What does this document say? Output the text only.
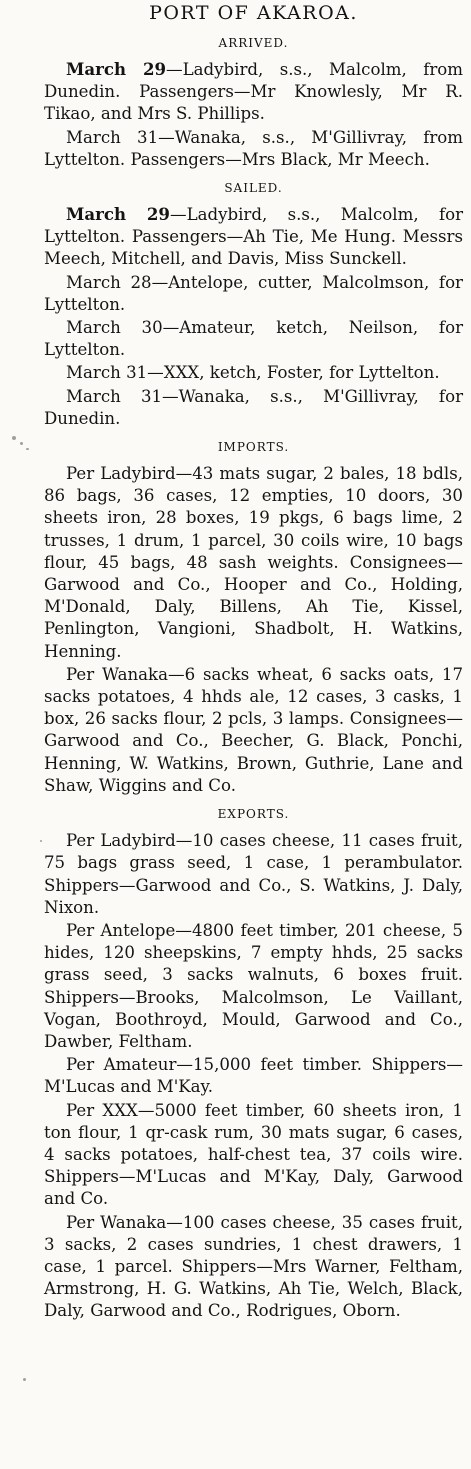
PORT OF AKAROA.
ARRIVED.

March 29—Ladybird, s.s., Malcolm, from Dunedin. Passengers—Mr Knowlesly, Mr R. Tikao, and Mrs S. Phillips.

March 31—Wanaka, s.s., M'Gillivray, from Lyttelton. Passengers—Mrs Black, Mr Meech.

SAILED.

March 29—Ladybird, s.s., Malcolm, for Lyttelton. Passengers—Ah Tie, Me Hung. Messrs Meech, Mitchell, and Davis, Miss Sunckell.

March 28—Antelope, cutter, Malcolmson, for Lyttelton.

March 30—Amateur, ketch, Neilson, for Lyttelton.

March 31—XXX, ketch, Foster, for Lyttelton.

March 31—Wanaka, s.s., M'Gillivray, for Dunedin.

IMPORTS.

Per Ladybird—43 mats sugar, 2 bales, 18 bdls, 86 bags, 36 cases, 12 empties, 10 doors, 30 sheets iron, 28 boxes, 19 pkgs, 6 bags lime, 2 trusses, 1 drum, 1 parcel, 30 coils wire, 10 bags flour, 45 bags, 48 sash weights. Consignees—Garwood and Co., Hooper and Co., Holding, M'Donald, Daly, Billens, Ah Tie, Kissel, Penlington, Vangioni, Shadbolt, H. Watkins, Henning.

Per Wanaka—6 sacks wheat, 6 sacks oats, 17 sacks potatoes, 4 hhds ale, 12 cases, 3 casks, 1 box, 26 sacks flour, 2 pcls, 3 lamps. Consignees—Garwood and Co., Beecher, G. Black, Ponchi, Henning, W. Watkins, Brown, Guthrie, Lane and Shaw, Wiggins and Co.

EXPORTS.

Per Ladybird—10 cases cheese, 11 cases fruit, 75 bags grass seed, 1 case, 1 perambulator. Shippers—Garwood and Co., S. Watkins, J. Daly, Nixon.

Per Antelope—4800 feet timber, 201 cheese, 5 hides, 120 sheepskins, 7 empty hhds, 25 sacks grass seed, 3 sacks walnuts, 6 boxes fruit. Shippers—Brooks, Malcolmson, Le Vaillant, Vogan, Boothroyd, Mould, Garwood and Co., Dawber, Feltham.

Per Amateur—15,000 feet timber. Shippers—M'Lucas and M'Kay.

Per XXX—5000 feet timber, 60 sheets iron, 1 ton flour, 1 qr-cask rum, 30 mats sugar, 6 cases, 4 sacks potatoes, half-chest tea, 37 coils wire. Shippers—M'Lucas and M'Kay, Daly, Garwood and Co.

Per Wanaka—100 cases cheese, 35 cases fruit, 3 sacks, 2 cases sundries, 1 chest drawers, 1 case, 1 parcel. Shippers—Mrs Warner, Feltham, Armstrong, H. G. Watkins, Ah Tie, Welch, Black, Daly, Garwood and Co., Rodrigues, Oborn.
